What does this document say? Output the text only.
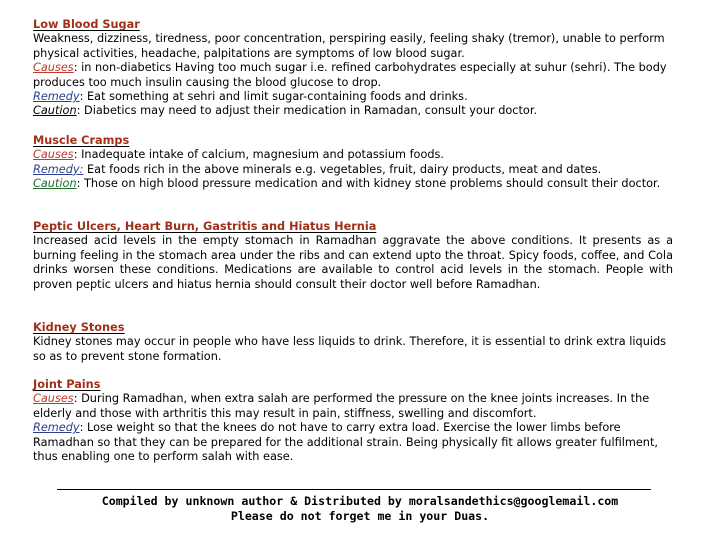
Low Blood Sugar
Weakness, dizziness, tiredness, poor concentration, perspiring easily, feeling shaky (tremor), unable to perform physical activities, headache, palpitations are symptoms of low blood sugar.
Causes: in non-diabetics Having too much sugar i.e. refined carbohydrates especially at suhur (sehri). The body produces too much insulin causing the blood glucose to drop.
Remedy: Eat something at sehri and limit sugar-containing foods and drinks.
Caution: Diabetics may need to adjust their medication in Ramadan, consult your doctor.
Muscle Cramps
Causes: Inadequate intake of calcium, magnesium and potassium foods.
Remedy: Eat foods rich in the above minerals e.g. vegetables, fruit, dairy products, meat and dates.
Caution: Those on high blood pressure medication and with kidney stone problems should consult their doctor.
Peptic Ulcers, Heart Burn, Gastritis and Hiatus Hernia
Increased acid levels in the empty stomach in Ramadhan aggravate the above conditions. It presents as a burning feeling in the stomach area under the ribs and can extend upto the throat. Spicy foods, coffee, and Cola drinks worsen these conditions. Medications are available to control acid levels in the stomach. People with proven peptic ulcers and hiatus hernia should consult their doctor well before Ramadhan.
Kidney Stones
Kidney stones may occur in people who have less liquids to drink. Therefore, it is essential to drink extra liquids so as to prevent stone formation.
Joint Pains
Causes: During Ramadhan, when extra salah are performed the pressure on the knee joints increases. In the elderly and those with arthritis this may result in pain, stiffness, swelling and discomfort.
Remedy: Lose weight so that the knees do not have to carry extra load. Exercise the lower limbs before Ramadhan so that they can be prepared for the additional strain. Being physically fit allows greater fulfilment, thus enabling one to perform salah with ease.
Compiled by unknown author & Distributed by moralsandethics@googlemail.com
Please do not forget me in your Duas.
